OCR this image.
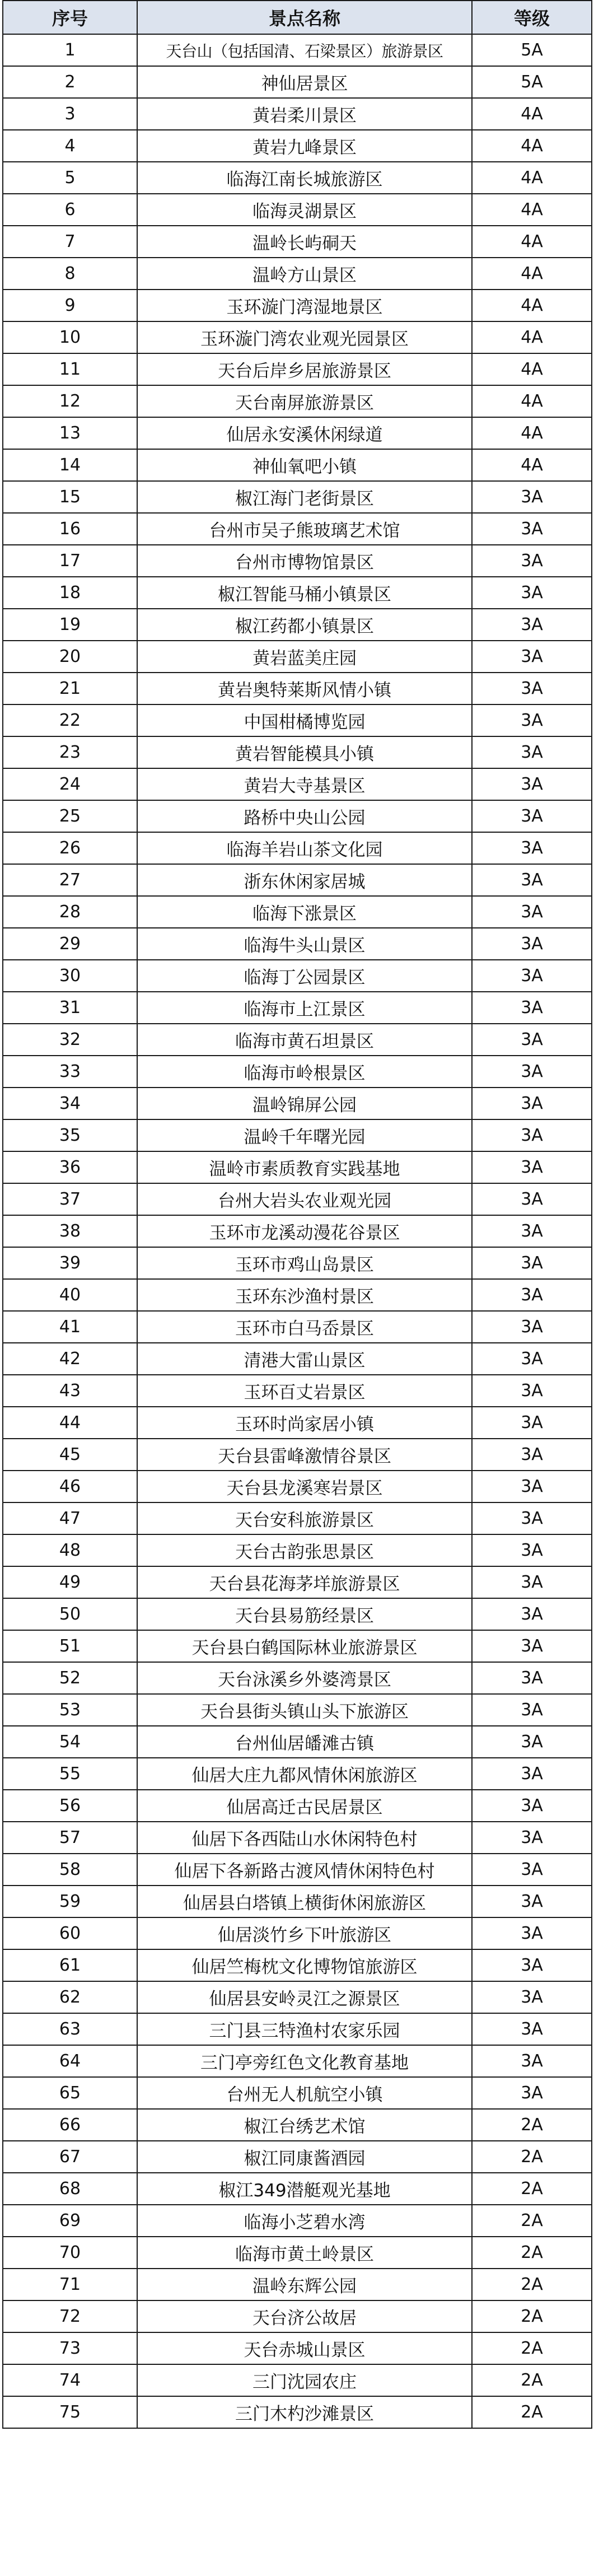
序号	景点名称	等级
1	天台山（包括国清、石梁景区）旅游景区	5A
2	神仙居景区	5A
3	黄岩柔川景区	4A
4	黄岩九峰景区	4A
5	临海江南长城旅游区	4A
6	临海灵湖景区	4A
7	温岭长屿硐天	4A
8	温岭方山景区	4A
9	玉环漩门湾湿地景区	4A
10	玉环漩门湾农业观光园景区	4A
11	天台后岸乡居旅游景区	4A
12	天台南屏旅游景区	4A
13	仙居永安溪休闲绿道	4A
14	神仙氧吧小镇	4A
15	椒江海门老街景区	3A
16	台州市吴子熊玻璃艺术馆	3A
17	台州市博物馆景区	3A
18	椒江智能马桶小镇景区	3A
19	椒江药都小镇景区	3A
20	黄岩蓝美庄园	3A
21	黄岩奥特莱斯风情小镇	3A
22	中国柑橘博览园	3A
23	黄岩智能模具小镇	3A
24	黄岩大寺基景区	3A
25	路桥中央山公园	3A
26	临海羊岩山茶文化园	3A
27	浙东休闲家居城	3A
28	临海下涨景区	3A
29	临海牛头山景区	3A
30	临海丁公园景区	3A
31	临海市上江景区	3A
32	临海市黄石坦景区	3A
33	临海市岭根景区	3A
34	温岭锦屏公园	3A
35	温岭千年曙光园	3A
36	温岭市素质教育实践基地	3A
37	台州大岩头农业观光园	3A
38	玉环市龙溪动漫花谷景区	3A
39	玉环市鸡山岛景区	3A
40	玉环东沙渔村景区	3A
41	玉环市白马岙景区	3A
42	清港大雷山景区	3A
43	玉环百丈岩景区	3A
44	玉环时尚家居小镇	3A
45	天台县雷峰激情谷景区	3A
46	天台县龙溪寒岩景区	3A
47	天台安科旅游景区	3A
48	天台古韵张思景区	3A
49	天台县花海茅垟旅游景区	3A
50	天台县易筋经景区	3A
51	天台县白鹤国际林业旅游景区	3A
52	天台泳溪乡外婆湾景区	3A
53	天台县街头镇山头下旅游区	3A
54	台州仙居皤滩古镇	3A
55	仙居大庄九都风情休闲旅游区	3A
56	仙居高迁古民居景区	3A
57	仙居下各西陆山水休闲特色村	3A
58	仙居下各新路古渡风情休闲特色村	3A
59	仙居县白塔镇上横街休闲旅游区	3A
60	仙居淡竹乡下叶旅游区	3A
61	仙居竺梅枕文化博物馆旅游区	3A
62	仙居县安岭灵江之源景区	3A
63	三门县三特渔村农家乐园	3A
64	三门亭旁红色文化教育基地	3A
65	台州无人机航空小镇	3A
66	椒江台绣艺术馆	2A
67	椒江同康酱酒园	2A
68	椒江349潜艇观光基地	2A
69	临海小芝碧水湾	2A
70	临海市黄土岭景区	2A
71	温岭东辉公园	2A
72	天台济公故居	2A
73	天台赤城山景区	2A
74	三门沈园农庄	2A
75	三门木杓沙滩景区	2A
